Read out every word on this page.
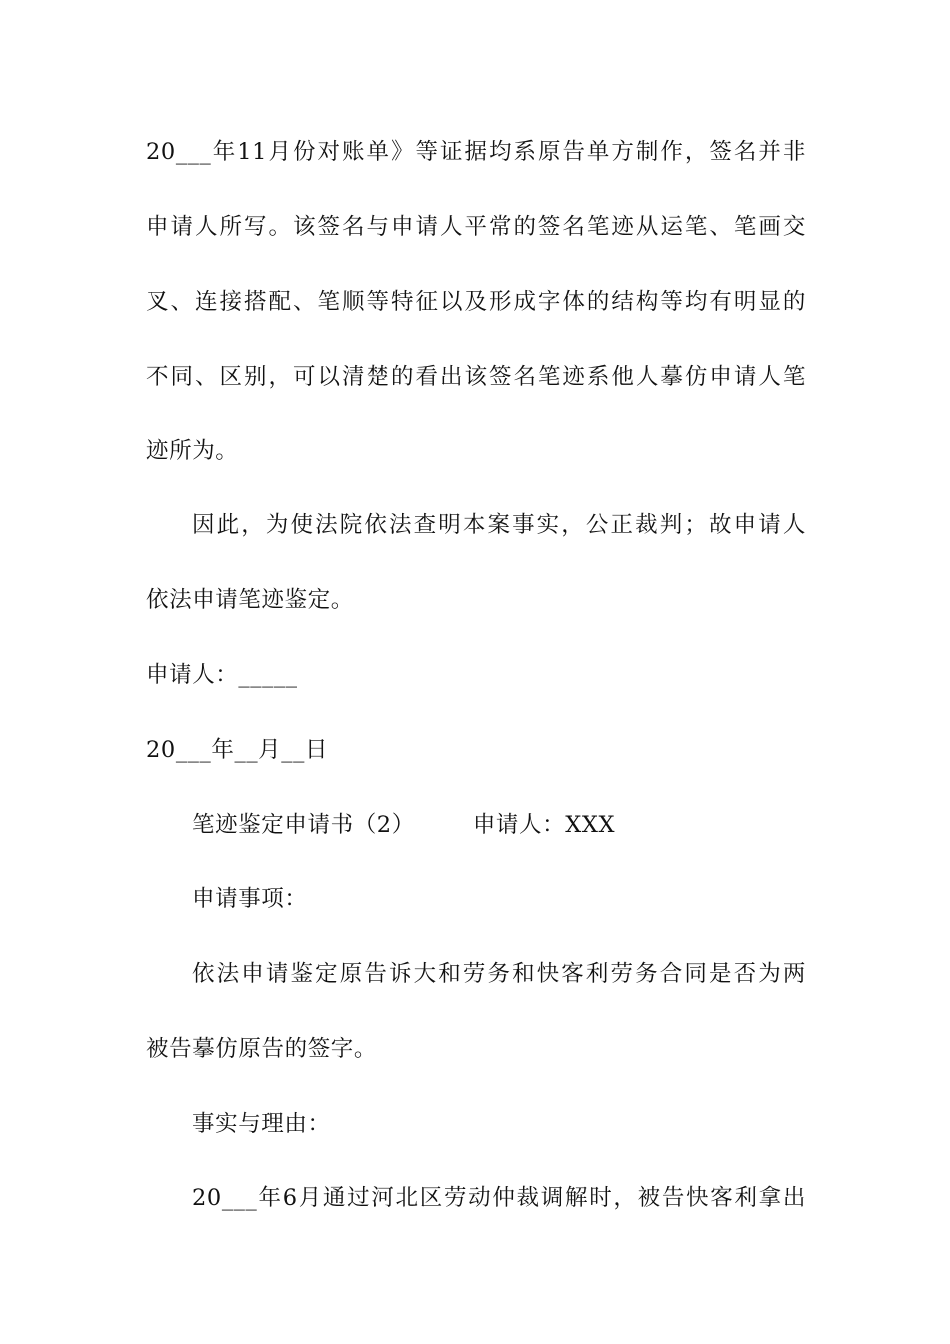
20___年11月份对账单》等证据均系原告单方制作，签名并非
申请人所写。该签名与申请人平常的签名笔迹从运笔、笔画交
叉、连接搭配、笔顺等特征以及形成字体的结构等均有明显的
不同、区别，可以清楚的看出该签名笔迹系他人摹仿申请人笔
迹所为。
因此，为使法院依法查明本案事实，公正裁判；故申请人
依法申请笔迹鉴定。
申请人：_____
20___年__月__日
笔迹鉴定申请书（2）	申请人：XXX
申请事项：
依法申请鉴定原告诉大和劳务和快客利劳务合同是否为两
被告摹仿原告的签字。
事实与理由：
20___年6月通过河北区劳动仲裁调解时，被告快客利拿出
